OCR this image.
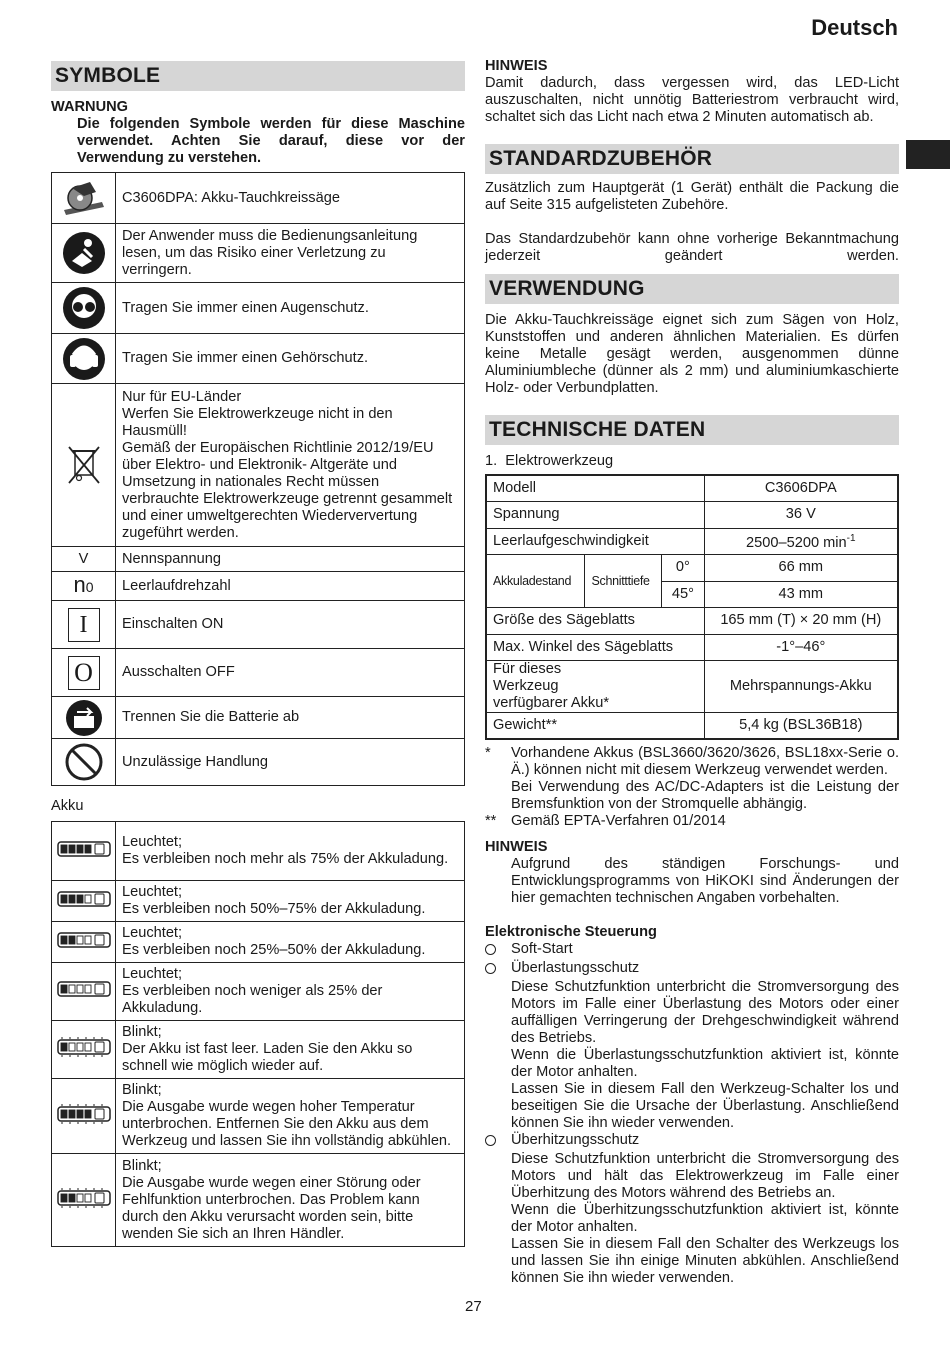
Deutsch
SYMBOLE
WARNUNG
Die folgenden Symbole werden für diese Maschine verwendet. Achten Sie darauf, diese vor der Verwendung zu verstehen.
	C3606DPA: Akku-Tauchkreissäge

	Der Anwender muss die Bedienungsanleitung lesen, um das Risiko einer Verletzung zu verringern.

	Tragen Sie immer einen Augenschutz.

	Tragen Sie immer einen Gehörschutz.

	Nur für EU-Länder
Werfen Sie Elektrowerkzeuge nicht in den Hausmüll!
Gemäß der Europäischen Richtlinie 2012/19/EU über Elektro- und Elektronik- Altgeräte und Umsetzung in nationales Recht müssen verbrauchte Elektrowerkzeuge getrennt gesammelt und einer umweltgerechten Wiederververtung zugeführt werden.
V	Nennspannung
n0	Leerlaufdrehzahl

I	Einschalten ON

O	Ausschalten OFF

	Trennen Sie die Batterie ab

	Unzulässige Handlung
Akku
	Leuchtet;
Es verbleiben noch mehr als 75% der Akkuladung.
	Leuchtet;
Es verbleiben noch 50%–75% der Akkuladung.
	Leuchtet;
Es verbleiben noch 25%–50% der Akkuladung.
	Leuchtet;
Es verbleiben noch weniger als 25% der Akkuladung.
	Blinkt;
Der Akku ist fast leer. Laden Sie den Akku so schnell wie möglich wieder auf.
	Blinkt;
Die Ausgabe wurde wegen hoher Temperatur unterbrochen. Entfernen Sie den Akku aus dem Werkzeug und lassen Sie ihn vollständig abkühlen.
	Blinkt;
Die Ausgabe wurde wegen einer Störung oder Fehlfunktion unterbrochen. Das Problem kann durch den Akku verursacht worden sein, bitte wenden Sie sich an Ihren Händler.
HINWEIS
Damit dadurch, dass vergessen wird, das LED-Licht auszuschalten, nicht unnötig Batteriestrom verbraucht wird, schaltet sich das Licht nach etwa 2 Minuten automatisch ab.
STANDARDZUBEHÖR
Zusätzlich zum Hauptgerät (1 Gerät) enthält die Packung die auf Seite 315 aufgelisteten Zubehöre.
Das Standardzubehör kann ohne vorherige Bekanntmachung jederzeit geändert werden.
VERWENDUNG
Die Akku-Tauchkreissäge eignet sich zum Sägen von Holz, Kunststoffen und anderen ähnlichen Materialien. Es dürfen keine Metalle gesägt werden, ausgenommen dünne Aluminiumbleche (dünner als 2 mm) und aluminiumkaschierte Holz- oder Verbundplatten.
TECHNISCHE DATEN
1.  Elektrowerkzeug
Modell			C3606DPA
Spannung			36 V
Leerlaufgeschwindigkeit			2500–5200 $\min^{-1}$
Akkuladestand	Schnitttiefe	0°	66 mm
		45°	43 mm
Größe des Sägeblatts			165 mm (T) × 20 mm (H)
Max. Winkel des Sägeblatts			-1°–46°
Für dieses Werkzeug verfügbarer Akku*			Mehrspannungs-Akku
Gewicht**			5,4 kg (BSL36B18)
*	Vorhandene Akkus (BSL3660/3620/3626, BSL18xx-Serie o. Ä.) können nicht mit diesem Werkzeug verwendet werden.
Bei Verwendung des AC/DC-Adapters ist die Leistung der Bremsfunktion von der Stromquelle abhängig.
**	Gemäß EPTA-Verfahren 01/2014
HINWEIS
Aufgrund des ständigen Forschungs- und Entwicklungsprogramms von HiKOKI sind Änderungen der hier gemachten technischen Angaben vorbehalten.
Elektronische Steuerung
Soft-Start
Überlastungsschutz
Diese Schutzfunktion unterbricht die Stromversorgung des Motors im Falle einer Überlastung des Motors oder einer auffälligen Verringerung der Drehgeschwindigkeit während des Betriebs.
Wenn die Überlastungsschutzfunktion aktiviert ist, könnte der Motor anhalten.
Lassen Sie in diesem Fall den Werkzeug-Schalter los und beseitigen Sie die Ursache der Überlastung. Anschließend können Sie ihn wieder verwenden.
Überhitzungsschutz
Diese Schutzfunktion unterbricht die Stromversorgung des Motors und hält das Elektrowerkzeug im Falle einer Überhitzung des Motors während des Betriebs an.
Wenn die Überhitzungsschutzfunktion aktiviert ist, könnte der Motor anhalten.
Lassen Sie in diesem Fall den Schalter des Werkzeugs los und lassen Sie ihn einige Minuten abkühlen. Anschließend können Sie ihn wieder verwenden.
27
